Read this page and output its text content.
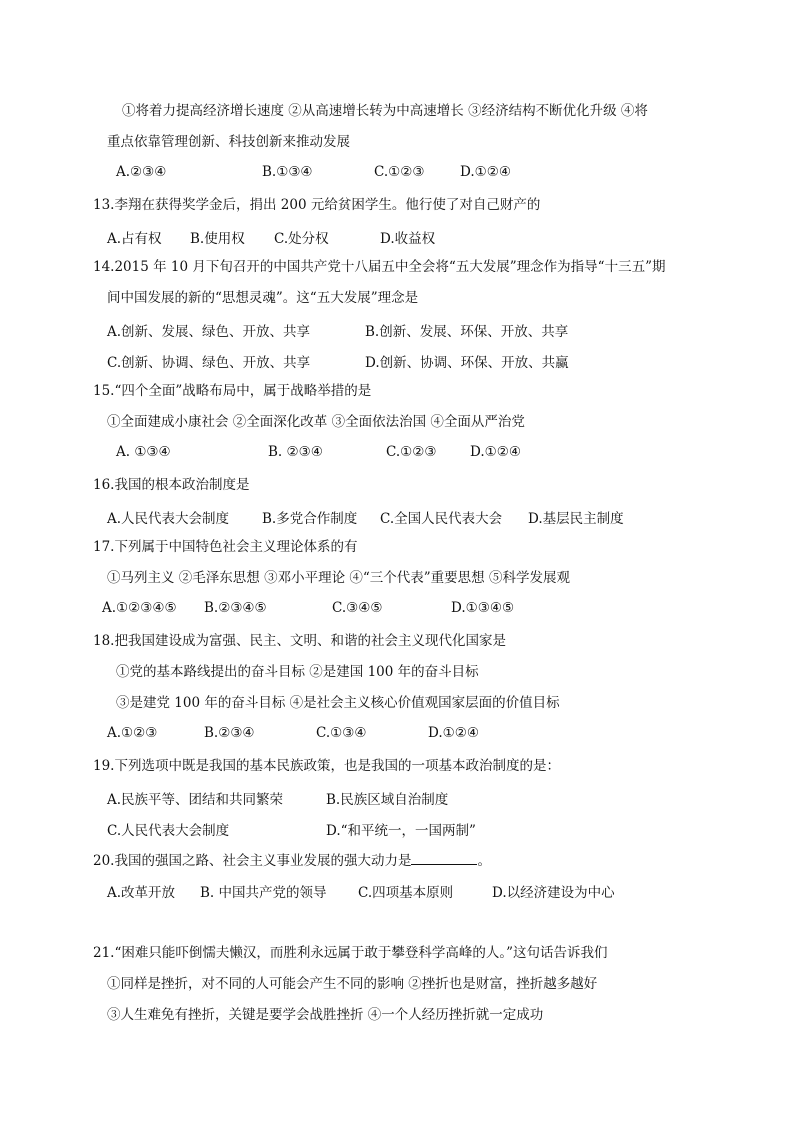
①将着力提高经济增长速度 ②从高速增长转为中高速增长 ③经济结构不断优化升级 ④将
重点依靠管理创新、科技创新来推动发展
A.②③④	B.①③④	C.①②③	D.①②④
13.李翔在获得奖学金后，捐出 200 元给贫困学生。他行使了对自己财产的
A.占有权 B.使用权 C.处分权	D.收益权
14.2015 年 10 月下旬召开的中国共产党十八届五中全会将“五大发展”理念作为指导“十三五”期
间中国发展的新的“思想灵魂”。这“五大发展”理念是
A.创新、发展、绿色、开放、共享	B.创新、发展、环保、开放、共享
C.创新、协调、绿色、开放、共享	D.创新、协调、环保、开放、共赢
15.“四个全面”战略布局中，属于战略举措的是
①全面建成小康社会 ②全面深化改革 ③全面依法治国 ④全面从严治党
A. ①③④	B. ②③④	C.①②③ D.①②④
16.我国的根本政治制度是
A.人民代表大会制度 B.多党合作制度 C.全国人民代表大会 D.基层民主制度
17.下列属于中国特色社会主义理论体系的有
①马列主义 ②毛泽东思想 ③邓小平理论 ④“三个代表”重要思想 ⑤科学发展观
A.①②③④⑤ B.②③④⑤	C.③④⑤	D.①③④⑤
18.把我国建设成为富强、民主、文明、和谐的社会主义现代化国家是
①党的基本路线提出的奋斗目标 ②是建国 100 年的奋斗目标
③是建党 100 年的奋斗目标 ④是社会主义核心价值观国家层面的价值目标
A.①②③	B.②③④	C.①③④	D.①②④
19.下列选项中既是我国的基本民族政策，也是我国的一项基本政治制度的是：
A.民族平等、团结和共同繁荣	B.民族区域自治制度
C.人民代表大会制度	D.“和平统一，一国两制”
20.我国的强国之路、社会主义事业发展的强大动力是	。
A.改革开放 B. 中国共产党的领导 C.四项基本原则	D.以经济建设为中心
21.“困难只能吓倒懦夫懒汉，而胜利永远属于敢于攀登科学高峰的人。”这句话告诉我们
①同样是挫折，对不同的人可能会产生不同的影响 ②挫折也是财富，挫折越多越好
③人生难免有挫折，关键是要学会战胜挫折 ④一个人经历挫折就一定成功
